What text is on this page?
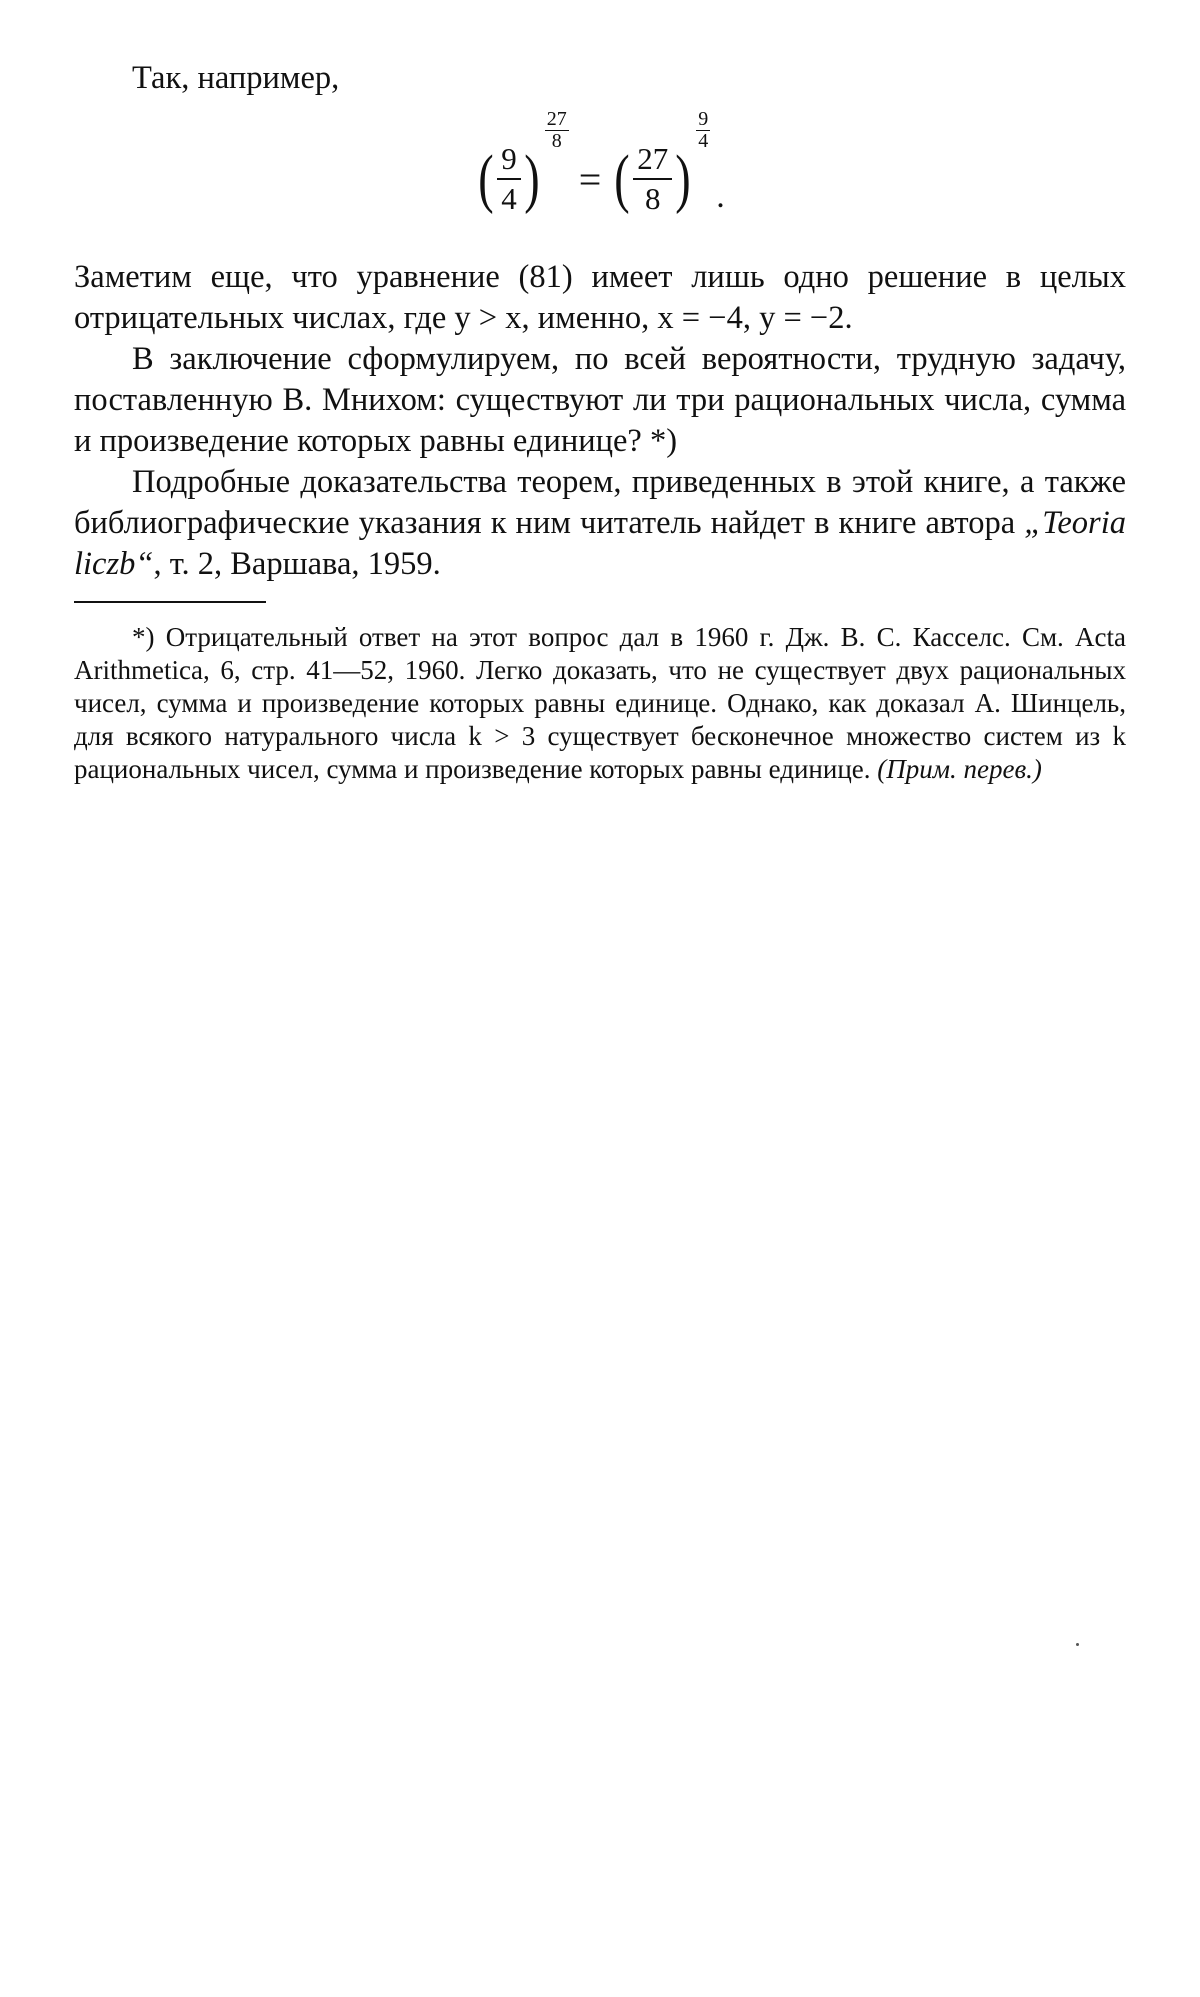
Так, например,

( $\frac{9}{4}$ )
$\frac{27}{8}$
= ( $\frac{27}{8}$ )
$\frac{9}{4}$
.

Заметим еще, что уравнение (81) имеет лишь одно решение в целых отрицательных числах, где y > x, именно, x = −4, y = −2.

В заключение сформулируем, по всей вероятности, трудную задачу, поставленную В. Мнихом: существуют ли три рациональных числа, сумма и произведение которых равны единице? *)

Подробные доказательства теорем, приведенных в этой книге, а также библиографические указания к ним читатель найдет в книге автора „Teoria liczb“, т. 2, Варшава, 1959.

*) Отрицательный ответ на этот вопрос дал в 1960 г. Дж. В. С. Касселс. См. Acta Arithmetica, 6, стр. 41—52, 1960. Легко доказать, что не существует двух рациональных чисел, сумма и произведение которых равны единице. Однако, как доказал А. Шинцель, для всякого натурального числа k > 3 существует бесконечное множество систем из k рациональных чисел, сумма и произведение которых равны единице. (Прим. перев.)
